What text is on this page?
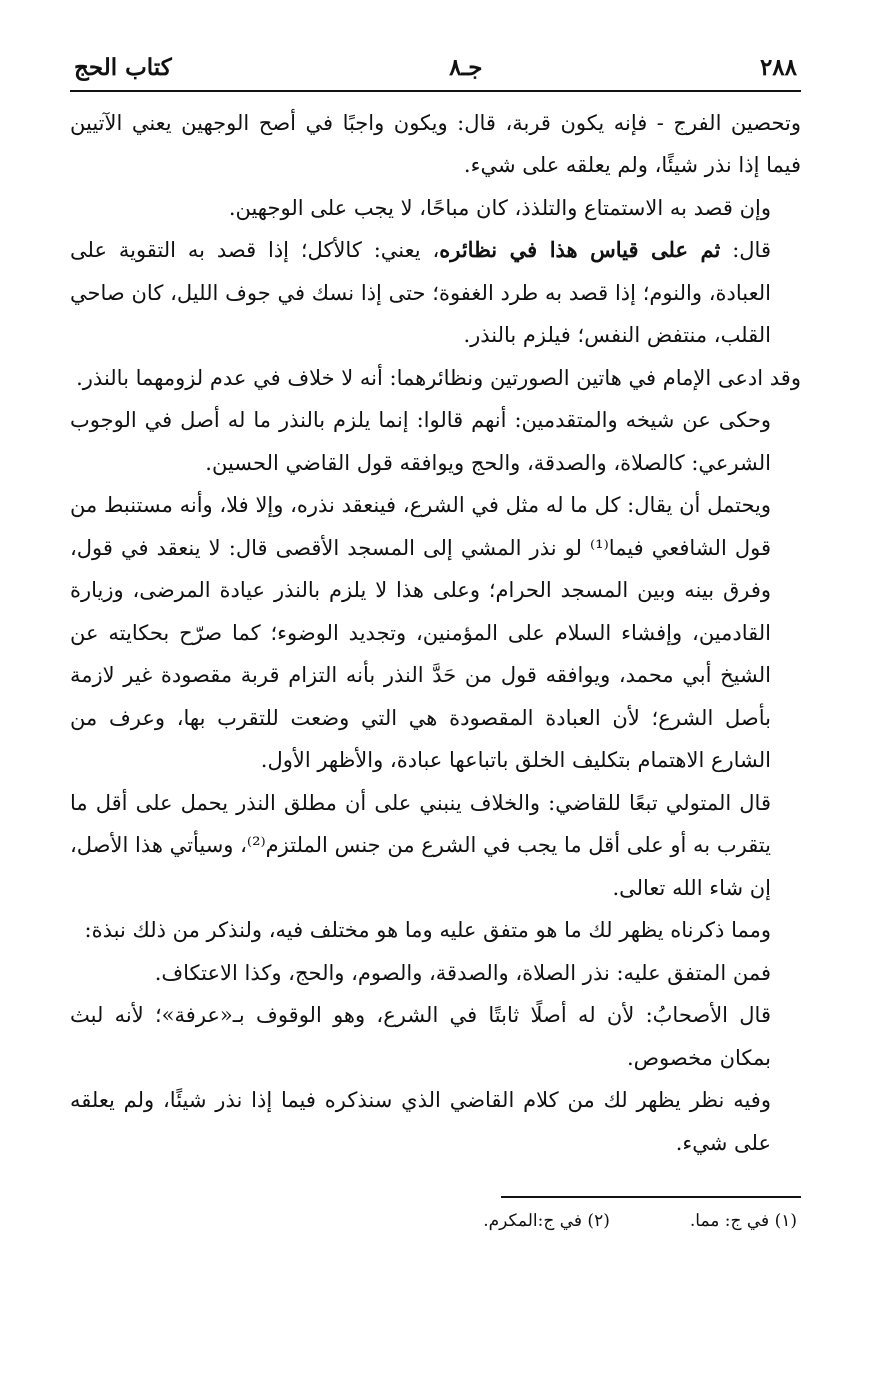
٢٨٨
جـ٨
كتاب الحج

وتحصين الفرج - فإنه يكون قربة، قال: ويكون واجبًا في أصح الوجهين يعني الآتيين فيما إذا نذر شيئًا، ولم يعلقه على شيء.

وإن قصد به الاستمتاع والتلذذ، كان مباحًا، لا يجب على الوجهين.

قال: ثم على قياس هذا في نظائره، يعني: كالأكل؛ إذا قصد به التقوية على العبادة، والنوم؛ إذا قصد به طرد الغفوة؛ حتى إذا نسك في جوف الليل، كان صاحي القلب، منتفض النفس؛ فيلزم بالنذر.

وقد ادعى الإمام في هاتين الصورتين ونظائرهما: أنه لا خلاف في عدم لزومهما بالنذر.

وحكى عن شيخه والمتقدمين: أنهم قالوا: إنما يلزم بالنذر ما له أصل في الوجوب الشرعي: كالصلاة، والصدقة، والحج ويوافقه قول القاضي الحسين.

ويحتمل أن يقال: كل ما له مثل في الشرع، فينعقد نذره، وإلا فلا، وأنه مستنبط من قول الشافعي فيما⁽¹⁾ لو نذر المشي إلى المسجد الأقصى قال: لا ينعقد في قول، وفرق بينه وبين المسجد الحرام؛ وعلى هذا لا يلزم بالنذر عيادة المرضى، وزيارة القادمين، وإفشاء السلام على المؤمنين، وتجديد الوضوء؛ كما صرّح بحكايته عن الشيخ أبي محمد، ويوافقه قول من حَدَّ النذر بأنه التزام قربة مقصودة غير لازمة بأصل الشرع؛ لأن العبادة المقصودة هي التي وضعت للتقرب بها، وعرف من الشارع الاهتمام بتكليف الخلق باتباعها عبادة، والأظهر الأول.

قال المتولي تبعًا للقاضي: والخلاف ينبني على أن مطلق النذر يحمل على أقل ما يتقرب به أو على أقل ما يجب في الشرع من جنس الملتزم⁽²⁾، وسيأتي هذا الأصل، إن شاء الله تعالى.

ومما ذكرناه يظهر لك ما هو متفق عليه وما هو مختلف فيه، ولنذكر من ذلك نبذة:

فمن المتفق عليه: نذر الصلاة، والصدقة، والصوم، والحج، وكذا الاعتكاف.

قال الأصحابُ: لأن له أصلًا ثابتًا في الشرع، وهو الوقوف بـ«عرفة»؛ لأنه لبث بمكان مخصوص.

وفيه نظر يظهر لك من كلام القاضي الذي سنذكره فيما إذا نذر شيئًا، ولم يعلقه على شيء.

(١) في ج: مما.
(٢) في ج:المكرم.
